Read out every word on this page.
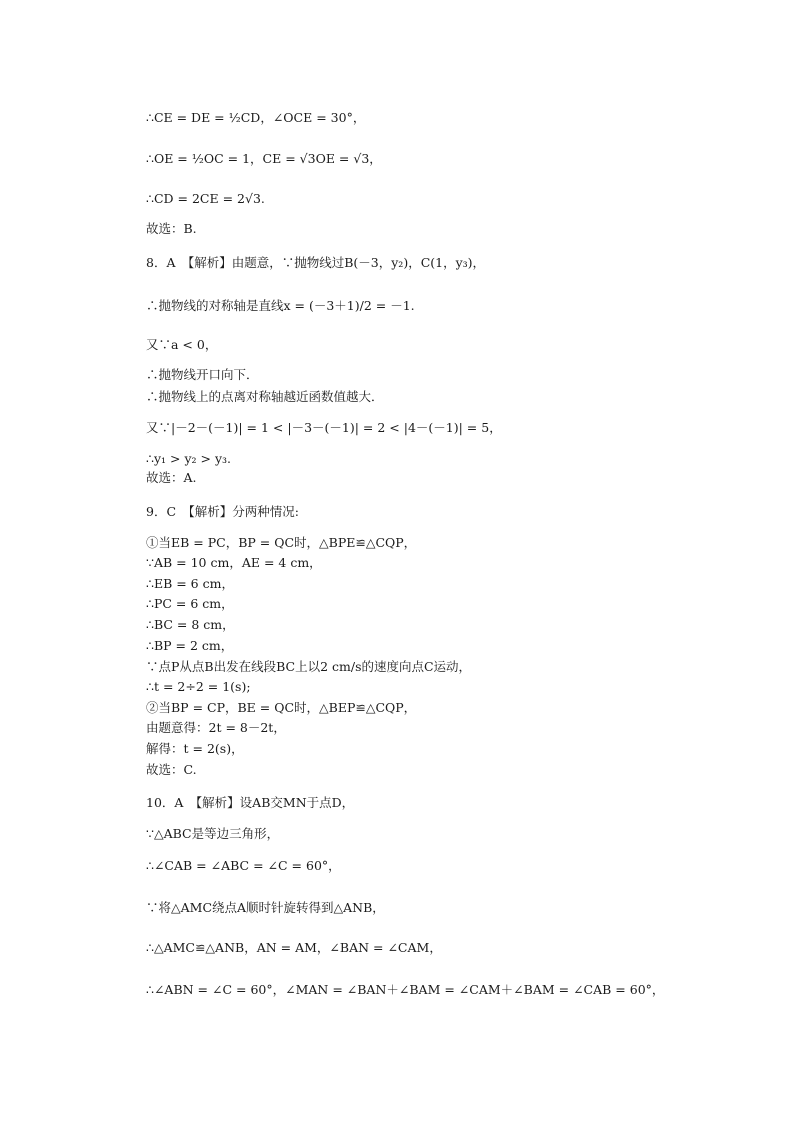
∴CE = DE = ½CD，∠OCE = 30°，
∴OE = ½OC = 1，CE = √3OE = √3，
∴CD = 2CE = 2√3.
故选：B.
8．A　【解析】由题意，∵抛物线过B(－3，y₂)，C(1，y₃)，
∴抛物线的对称轴是直线x = (－3＋1)/2 = －1.
又∵a < 0，
∴抛物线开口向下．
∴抛物线上的点离对称轴越近函数值越大．
又∵|－2－(－1)| = 1 < |－3－(－1)| = 2 < |4－(－1)| = 5，
∴y₁ > y₂ > y₃.
故选：A.
9．C　【解析】分两种情况:
①当EB = PC，BP = QC时，△BPE≌△CQP，
∵AB = 10 cm，AE = 4 cm，
∴EB = 6 cm，
∴PC = 6 cm，
∴BC = 8 cm，
∴BP = 2 cm，
∵点P从点B出发在线段BC上以2 cm/s的速度向点C运动，
∴t = 2÷2 = 1(s);
②当BP = CP，BE = QC时，△BEP≌△CQP，
由题意得：2t = 8－2t，
解得：t = 2(s)，
故选：C.
10．A　【解析】设AB交MN于点D，
∵△ABC是等边三角形，
∴∠CAB = ∠ABC = ∠C = 60°，
∵将△AMC绕点A顺时针旋转得到△ANB，
∴△AMC≌△ANB，AN = AM，∠BAN = ∠CAM，
∴∠ABN = ∠C = 60°，∠MAN = ∠BAN＋∠BAM = ∠CAM＋∠BAM = ∠CAB = 60°，
